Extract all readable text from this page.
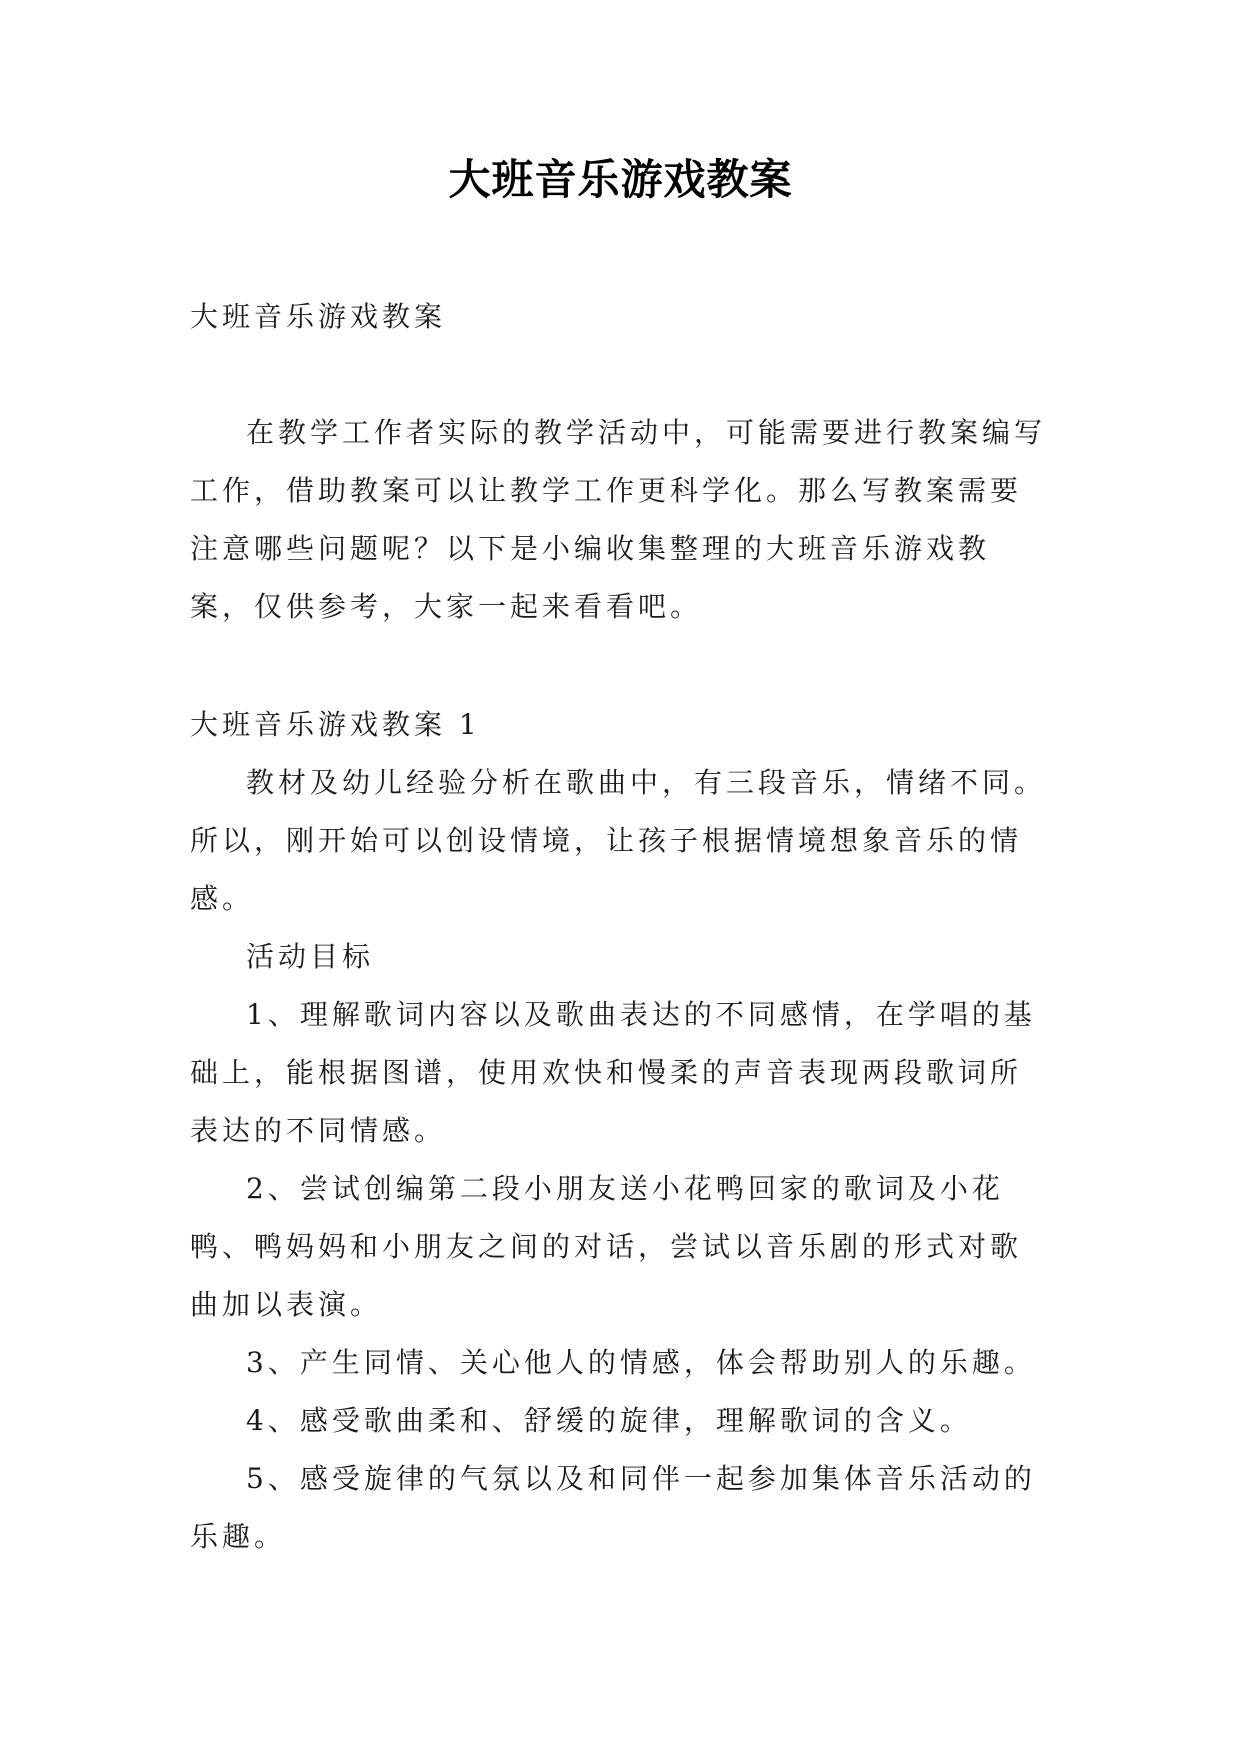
大班音乐游戏教案
大班音乐游戏教案

在教学工作者实际的教学活动中，可能需要进行教案编写工作，借助教案可以让教学工作更科学化。那么写教案需要注意哪些问题呢？以下是小编收集整理的大班音乐游戏教案，仅供参考，大家一起来看看吧。

大班音乐游戏教案 1

教材及幼儿经验分析在歌曲中，有三段音乐，情绪不同。所以，刚开始可以创设情境，让孩子根据情境想象音乐的情感。

活动目标

1、理解歌词内容以及歌曲表达的不同感情，在学唱的基础上，能根据图谱，使用欢快和慢柔的声音表现两段歌词所表达的不同情感。

2、尝试创编第二段小朋友送小花鸭回家的歌词及小花鸭、鸭妈妈和小朋友之间的对话，尝试以音乐剧的形式对歌曲加以表演。

3、产生同情、关心他人的情感，体会帮助别人的乐趣。

4、感受歌曲柔和、舒缓的旋律，理解歌词的含义。

5、感受旋律的气氛以及和同伴一起参加集体音乐活动的乐趣。
